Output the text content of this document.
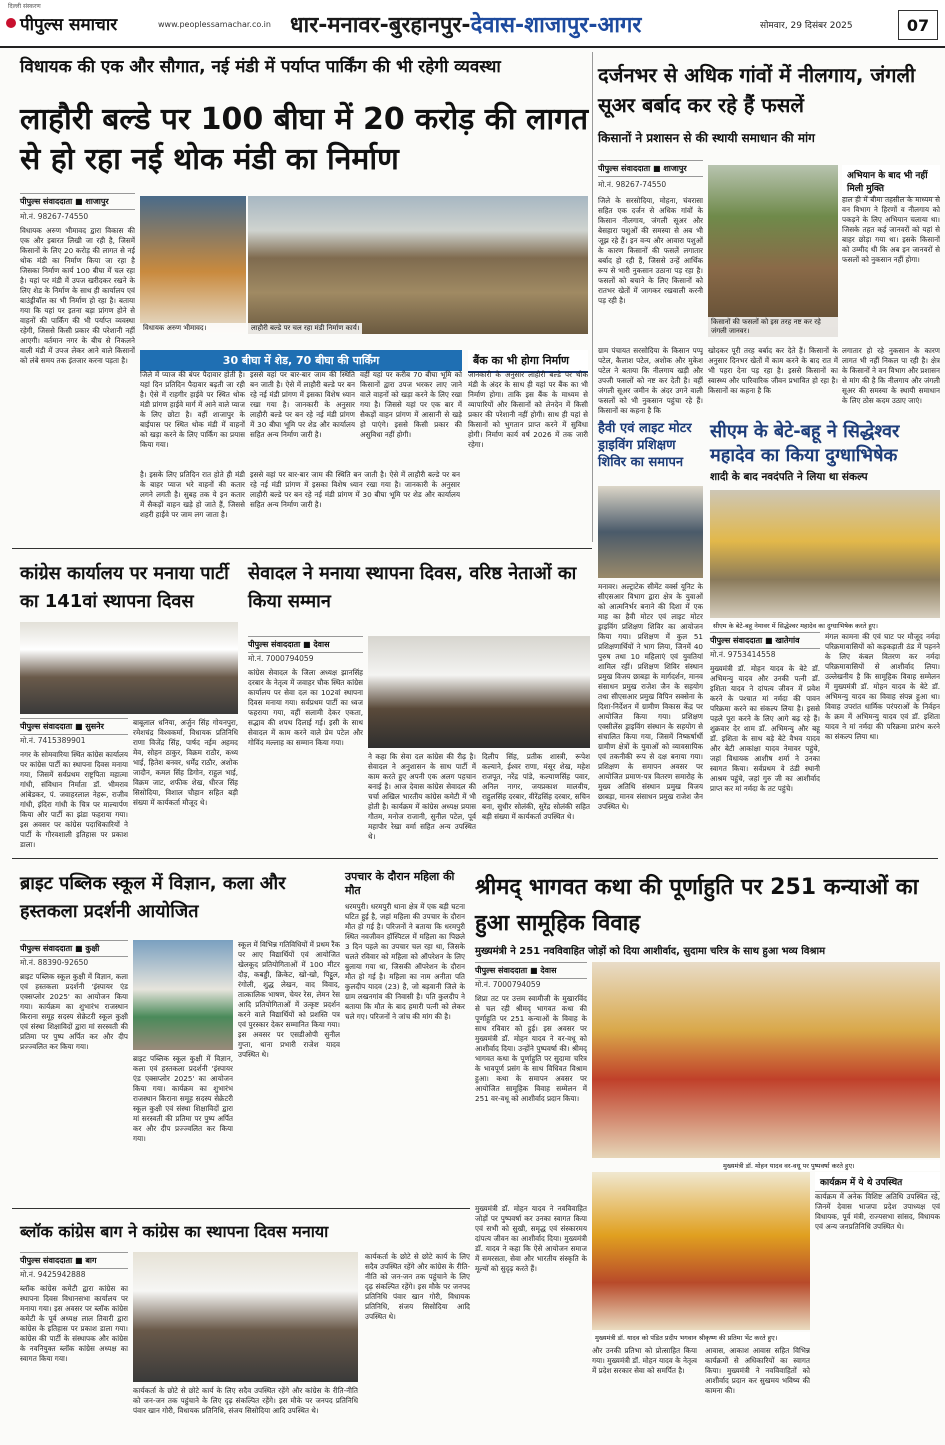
दिल्ली संस्करण
पीपुल्स समाचार	www.peoplessamachar.co.in धार-मनावर-बुरहानपुर- देवास-शाजापुर-आगर	सोमवार, 29 दिसंबर 2025	07
विधायक की एक और सौगात, नई मंडी में पर्याप्त पार्किंग की भी रहेगी व्यवस्था
लाहौरी बल्डे पर 100 बीघा में 20 करोड़ की लागत से हो रहा नई थोक मंडी का निर्माण
पीपुल्स संवाददाता ■ शाजापुर
मो.नं. 98267-74550
विधायक अरुण भीमावद द्वारा विकास की एक और इबारत लिखी जा रही है, जिसमें किसानों के लिए 20 करोड़ की लागत से नई थोक मंडी का निर्माण किया जा रहा है जिसका निर्माण कार्य 100 बीघा में चल रहा है। यहां पर मंडी में उपज खरीदकर रखने के लिए शेड के निर्माण के साथ ही कार्यालय एवं बाउंड्रीवॉल का भी निर्माण हो रहा है। बताया गया कि यहां पर इतना बड़ा प्रांगण होने से वाहनों की पार्किंग की भी पर्याप्त व्यवस्था रहेगी, जिससे किसी प्रकार की परेशानी नहीं आएगी। वर्तमान नगर के बीच से निकलने वाली मंडी में उपज लेकर आने वाले किसानों को लंबे समय तक इंतजार करना पड़ता है।
विधायक अरुण भीमावद।	लाहौरी बल्डे पर चल रहा मंडी निर्माण कार्य।
30 बीघा में शेड, 70 बीघा की पार्किंग
जिले में प्याज की बंपर पैदावार होती है। यहां दिन प्रतिदिन पैदावार बढ़ती जा रही है। ऐसे में राहगीर हाईवे पर स्थित थोक मंडी प्रांगण हाईवे मार्ग में आने वाले प्याज के लिए छोटा है। वहीं शाजापुर के बाईपास पर स्थित थोक मंडी में वाहनों को खड़ा करने के लिए पार्किंग का प्रयास किया गया।
इससे वहां पर बार-बार जाम की स्थिति बन जाती है। ऐसे में लाहौरी बल्डे पर बन रहे नई मंडी प्रांगण में इसका विशेष ध्यान रखा गया है। जानकारी के अनुसार लाहौरी बल्डे पर बन रहे नई मंडी प्रांगण में 30 बीघा भूमि पर शेड और कार्यालय सहित अन्य निर्माण जारी है।
वहीं यहां पर करीब 70 बीघा भूमि को किसानों द्वारा उपज भरकर लाए जाने वाले वाहनों को खड़ा करने के लिए रखा गया है। जिससे यहां पर एक बार में सैकड़ों वाहन प्रांगण में आसानी से खड़े हो पाएंगे। इससे किसी प्रकार की असुविधा नहीं होगी।
है। इसके लिए प्रतिदिन रात होते ही मंडी के बाहर प्याज भरे वाहनों की कतार लगने लगती है। सुबह तक ये इन कतार में सैकड़ों वाहन खड़े हो जाते हैं, जिससे शहरी हाईवे पर जाम लग जाता है।
इससे वहां पर बार-बार जाम की स्थिति बन जाती है। ऐसे में लाहौरी बल्डे पर बन रहे नई मंडी प्रांगण में इसका विशेष ध्यान रखा गया है। जानकारी के अनुसार लाहौरी बल्डे पर बन रहे नई मंडी प्रांगण में 30 बीघा भूमि पर शेड और कार्यालय सहित अन्य निर्माण जारी है।
बैंक का भी होगा निर्माण
जानकारी के अनुसार लाहौरी बल्डे पर थोक मंडी के अंदर के साथ ही यहां पर बैंक का भी निर्माण होगा। ताकि इस बैंक के माध्यम से व्यापारियों और किसानों को लेनदेन में किसी प्रकार की परेशानी नहीं होगी। साथ ही यहां से किसानों को भुगतान प्राप्त करने में सुविधा होगी। निर्माण कार्य वर्ष 2026 में तक जारी रहेगा।
दर्जनभर से अधिक गांवों में नीलगाय, जंगली सूअर बर्बाद कर रहे हैं फसलें
किसानों ने प्रशासन से की स्थायी समाधान की मांग
पीपुल्स संवाददाता ■ शाजापुर
मो.नं. 98267-74550
जिले के सरसोदिया, मोहना, चंवरासा सहित एक दर्जन से अधिक गांवों के किसान नीलगाय, जंगली सूअर और बेसहारा पशुओं की समस्या से अब भी जूझ रहे हैं। इन वन्य और आवारा पशुओं के कारण किसानों की फसलें लगातार बर्बाद हो रही हैं, जिससे उन्हें आर्थिक रूप से भारी नुकसान उठाना पड़ रहा है। फसलों को बचाने के लिए किसानों को रातभर खेतों में जागकर रखवाली करनी पड़ रही है।
किसानों की फसलों को इस तरह नष्ट कर रहे जंगली जानवर।
अभियान के बाद भी नहीं मिली मुक्ति
हाल ही में बीमा तहसील के माध्यम से वन विभाग ने हिरणों व नीलगाय को पकड़ने के लिए अभियान चलाया था। जिसके तहत कई जानवरों को यहां से बाहर छोड़ा गया था। इसके किसानों को उम्मीद थी कि अब इन जानवरों से फसलों को नुकसान नहीं होगा।
ग्राम पंचायत सरसोदिया के किसान पप्पू पटेल, कैलाश पटेल, अशोक और मुकेश पटेल ने बताया कि नीलगाय खड़ी और उपजी फसलों को नष्ट कर देती है। वहीं जंगली सूअर जमीन के अंदर उगने वाली फसलों को भी नुकसान पहुंचा रहे हैं। किसानों का कहना है कि
खोदकर पूरी तरह बर्बाद कर देते हैं। किसानों के अनुसार दिनभर खेतों में काम करने के बाद रात में भी पहरा देना पड़ रहा है। इससे किसानों का स्वास्थ्य और पारिवारिक जीवन प्रभावित हो रहा है। किसानों का कहना है कि
लगातार हो रहे नुकसान के कारण लागत भी नहीं निकल पा रही है। क्षेत्र के किसानों ने वन विभाग और प्रशासन से मांग की है कि नीलगाय और जंगली सूअर की समस्या के स्थायी समाधान के लिए ठोस कदम उठाए जाएं।
हैवी एवं लाइट मोटर ड्राइविंग प्रशिक्षण शिविर का समापन
मनावर। अल्ट्राटेक सीमेंट वर्क्स यूनिट के सीएसआर विभाग द्वारा क्षेत्र के युवाओं को आत्मनिर्भर बनाने की दिशा में एक माह का हैवी मोटर एवं लाइट मोटर ड्राइविंग प्रशिक्षण शिविर का आयोजन किया गया। प्रशिक्षण में कुल 51 प्रशिक्षणार्थियों ने भाग लिया, जिनमें 40 पुरुष तथा 10 महिलाएं एवं युवतियां शामिल रहीं। प्रशिक्षण शिविर संस्थान प्रमुख विजय छाबड़ा के मार्गदर्शन, मानव संसाधन प्रमुख राजेश जैन के सहयोग तथा सीएसआर प्रमुख विपिन सक्सेना के दिशा-निर्देशन में ग्रामीण विकास केंद्र पर आयोजित किया गया। प्रशिक्षण एक्सीलेंस ड्राइविंग संस्थान के सहयोग से संचालित किया गया, जिसमें निष्कर्षार्थी ग्रामीण क्षेत्रों के युवाओं को व्यावसायिक एवं तकनीकी रूप से दक्ष बनाया गया। प्रशिक्षण के समापन अवसर पर आयोजित प्रमाण-पत्र वितरण समारोह के मुख्य अतिथि संस्थान प्रमुख विजय छाबड़ा, मानव संसाधन प्रमुख राजेश जैन उपस्थित थे।
सीएम के बेटे-बहू ने सिद्धेश्वर महादेव का किया दुग्धाभिषेक
शादी के बाद नवदंपति ने लिया था संकल्प
सीएम के बेटे-बहू नेमावर में सिद्धेश्वर महादेव का दुग्धाभिषेक करते हुए।
पीपुल्स संवाददाता ■ खातेगांव
मो.नं. 9753414558
मुख्यमंत्री डॉ. मोहन यादव के बेटे डॉ. अभिमन्यु यादव और उनकी पत्नी डॉ. इशिता यादव ने दांपत्य जीवन में प्रवेश करने के पश्चात मां नर्मदा की पावन परिक्रमा करने का संकल्प लिया है। इससे पहले पूरा करने के लिए आगे बढ़ रहे हैं। शुक्रवार देर शाम डॉ. अभिमन्यु और बहू डॉ. इशिता के साथ बड़े बेटे वैभव यादव और बेटी आकांक्षा यादव नेमावर पहुंचे, जहां विधायक आशीष शर्मा ने उनका स्वागत किया। सर्वप्रथम वे ठंडी स्थानी आश्रम पहुंचे, जहां गुरु जी का आशीर्वाद प्राप्त कर मां नर्मदा के तट पहुंचे।
मंगल कामना की एवं घाट पर मौजूद नर्मदा परिक्रमावासियों को कड़कड़ाती ठंड में पहनने के लिए कंबल वितरण कर नर्मदा परिक्रमावासियों से आशीर्वाद लिया। उल्लेखनीय है कि सामूहिक विवाह सम्मेलन में मुख्यमंत्री डॉ. मोहन यादव के बेटे डॉ. अभिमन्यु यादव का विवाह संपन्न हुआ था। विवाह उपरांत धार्मिक परंपराओं के निर्वहन के क्रम में अभिमन्यु यादव एवं डॉ. इशिता यादव ने मां नर्मदा की परिक्रमा प्रारंभ करने का संकल्प लिया था।
कांग्रेस कार्यालय पर मनाया पार्टी का 141वां स्थापना दिवस
पीपुल्स संवाददाता ■ सुसनेर
मो.नं. 7415389901
नगर के सोमवारिया स्थित कांग्रेस कार्यालय पर कांग्रेस पार्टी का स्थापना दिवस मनाया गया, जिसमें सर्वप्रथम राष्ट्रपिता महात्मा गांधी, संविधान निर्माता डॉ. भीमराव आंबेडकर, पं. जवाहरलाल नेहरू, राजीव गांधी, इंदिरा गांधी के चित्र पर माल्यार्पण किया और पार्टी का झंडा फहराया गया। इस अवसर पर कांग्रेस पदाधिकारियों ने पार्टी के गौरवशाली इतिहास पर प्रकाश डाला।
बाबूलाल धनिया, अर्जुन सिंह गोयनपुरा, रमेशचंद्र विश्वकर्मा, विधायक प्रतिनिधि राणा विजेंद्र सिंह, पार्षद नईम अहमद मेव, सोहन ठाकुर, विक्रम राठौर, कथ्य भाई, हितेश बनवर, धर्मेंद्र राठौर, अशोक जादौन, कमल सिंह डिगोन, राहुल भाई, विक्रम जाट, शफीक शेख, धीरज सिंह सिसोदिया, विशाल चौहान सहित बड़ी संख्या में कार्यकर्ता मौजूद थे।
सेवादल ने मनाया स्थापना दिवस, वरिष्ठ नेताओं का किया सम्मान
पीपुल्स संवाददाता ■ देवास
मो.नं. 7000794059
कांग्रेस सेवादल के जिला अध्यक्ष झानसिंह दरबार के नेतृत्व में जवाहर चौक स्थित कांग्रेस कार्यालय पर सेवा दल का 102वां स्थापना दिवस मनाया गया। सर्वप्रथम पार्टी का ध्वज फहराया गया, वहीं सलामी देकर एकता, सद्भाव की शपथ दिलाई गई। इसी के साथ सेवादल में काम करने वाले प्रेम पटेल और गोविंद मल्लाह का सम्मान किया गया।
ने कहा कि सेवा दल कांग्रेस की रीढ़ है। सेवादल ने अनुशासन के साथ पार्टी में काम करते हुए अपनी एक अलग पहचान बनाई है। आज देवास कांग्रेस सेवादल की चर्चा अखिल भारतीय कांग्रेस कमेटी में भी होती है। कार्यक्रम में कांग्रेस अध्यक्ष प्रयास गौतम, मनोज राजानी, सुनील पटेल, पूर्व महापौर रेखा वर्मा सहित अन्य उपस्थित थे।
दिलीप सिंह, प्रतीक शास्त्री, रूपेश कल्याने, ईश्वर राणा, मंसूर शेख, महेश राजपूत, नरेंद्र पांडे, कल्याणसिंह पवार, अनिल नागर, जयप्रकाश मालवीय, राहुलसिंह दरबार, वीरेंद्रसिंह दरबार, सचिन बना, सुधीर सोलंकी, सुरेंद्र सोलंकी सहित बड़ी संख्या में कार्यकर्ता उपस्थित थे।
ब्राइट पब्लिक स्कूल में विज्ञान, कला और हस्तकला प्रदर्शनी आयोजित
पीपुल्स संवाददाता ■ कुक्षी
मो.नं. 88390-92650
ब्राइट पब्लिक स्कूल कुक्षी में विज्ञान, कला एवं हस्तकला प्रदर्शनी 'इंस्पायर एंड एक्सप्लोर 2025' का आयोजन किया गया। कार्यक्रम का शुभारंभ राजस्थान किराना समूह सदस्य सेक्रेटरी स्कूल कुक्षी एवं संस्था शिक्षाविदों द्वारा मां सरस्वती की प्रतिमा पर पुष्प अर्पित कर और दीप प्रज्ज्वलित कर किया गया।
ब्राइट पब्लिक स्कूल कुक्षी में विज्ञान, कला एवं हस्तकला प्रदर्शनी 'इंस्पायर एंड एक्सप्लोर 2025' का आयोजन किया गया। कार्यक्रम का शुभारंभ राजस्थान किराना समूह सदस्य सेक्रेटरी स्कूल कुक्षी एवं संस्था शिक्षाविदों द्वारा मां सरस्वती की प्रतिमा पर पुष्प अर्पित कर और दीप प्रज्ज्वलित कर किया गया।
स्कूल में विभिन्न गतिविधियों में प्रथम रैंक पर आए विद्यार्थियों एवं आयोजित खेलकूद प्रतियोगिताओं में 100 मीटर दौड़, कबड्डी, क्रिकेट, खो-खो, पिट्ठूल, रंगोली, शुद्ध लेखन, वाद विवाद, तात्कालिक भाषण, चेयर रेस, लेमन रेस आदि प्रतियोगिताओं में उत्कृष्ट प्रदर्शन करने वाले विद्यार्थियों को प्रशस्ति पत्र एवं पुरस्कार देकर सम्मानित किया गया। इस अवसर पर एसडीओपी सुनील गुप्ता, थाना प्रभारी राजेश यादव उपस्थित थे।
उपचार के दौरान महिला की मौत
धरमपुरी। धरमपुरी थाना क्षेत्र में एक बड़ी घटना घटित हुई है, जहां महिला की उपचार के दौरान मौत हो गई है। परिजनों ने बताया कि धरमपुरी स्थित नवजीवन हॉस्पिटल में महिला का पिछले 3 दिन पहले का उपचार चल रहा था, जिसके चलते रविवार को महिला को ऑपरेशन के लिए बुलाया गया था, जिसकी ऑपरेशन के दौरान मौत हो गई है। महिला का नाम अनीता पति कुलदीप यादव (23) है, जो बड़वानी जिले के ग्राम लखनगांव की निवासी है। पति कुलदीप ने बताया कि मौत के बाद हमारी पत्नी को लेकर चले गए। परिजनों ने जांच की मांग की है।
श्रीमद् भागवत कथा की पूर्णाहुति पर 251 कन्याओं का हुआ सामूहिक विवाह
मुख्यमंत्री ने 251 नवविवाहित जोड़ों को दिया आशीर्वाद, सुदामा चरित्र के साथ हुआ भव्य विश्राम
पीपुल्स संवाददाता ■ देवास
मो.नं. 7000794059
शिप्रा तट पर उत्तम स्वामीजी के मुखारविंद से चल रही श्रीमद् भागवत कथा की पूर्णाहुति पर 251 कन्याओं के विवाह के साथ रविवार को हुई। इस अवसर पर मुख्यमंत्री डॉ. मोहन यादव ने वर-वधू को आशीर्वाद दिया। उन्होंने पुष्पवर्षा की। श्रीमद् भागवत कथा के पूर्णाहुति पर सुदामा चरित्र के भावपूर्ण प्रसंग के साथ विधिवत विश्राम हुआ। कथा के समापन अवसर पर आयोजित सामूहिक विवाह सम्मेलन में 251 वर-वधू को आशीर्वाद प्रदान किया।
मुख्यमंत्री डॉ. मोहन यादव वर-वधू पर पुष्पवर्षा करते हुए।
मुख्यमंत्री डॉ. मोहन यादव ने नवविवाहित जोड़ों पर पुष्पवर्षा कर उनका स्वागत किया एवं सभी को सुखी, समृद्ध एवं संस्कारमय दांपत्य जीवन का आशीर्वाद दिया। मुख्यमंत्री डॉ. यादव ने कहा कि ऐसे आयोजन समाज में समरसता, सेवा और भारतीय संस्कृति के मूल्यों को सुदृढ़ करते हैं।
मुख्यमंत्री डॉ. यादव को पंडित प्रदीप भगवान श्रीकृष्ण की प्रतिमा भेंट करते हुए।
और उनकी प्रतिभा को प्रोत्साहित किया गया। मुख्यमंत्री डॉ. मोहन यादव के नेतृत्व में प्रदेश सरकार सेवा को समर्पित है।
आवास, आकाश आवास सहित विभिन्न कार्यक्रमों से अधिकारियों का स्वागत किया। मुख्यमंत्री ने नवविवाहितों को आशीर्वाद प्रदान कर सुखमय भविष्य की कामना की।
कार्यक्रम में ये थे उपस्थित
कार्यक्रम में अनेक विशिष्ट अतिथि उपस्थित रहे, जिनमें देवास भाजपा प्रदेश उपाध्यक्ष एवं विधायक, पूर्व मंत्री, राज्यसभा सांसद, विधायक एवं अन्य जनप्रतिनिधि उपस्थित थे।
ब्लॉक कांग्रेस बाग ने कांग्रेस का स्थापना दिवस मनाया
पीपुल्स संवाददाता ■ बाग
मो.नं. 9425942888
ब्लॉक कांग्रेस कमेटी द्वारा कांग्रेस का स्थापना दिवस विधानसभा कार्यालय पर मनाया गया। इस अवसर पर ब्लॉक कांग्रेस कमेटी के पूर्व अध्यक्ष लाल तिवारी द्वारा कांग्रेस के इतिहास पर प्रकाश डाला गया। कांग्रेस की पार्टी के संस्थापक और कांग्रेस के नवनियुक्त ब्लॉक कांग्रेस अध्यक्ष का स्वागत किया गया।
कार्यकर्ता के छोटे से छोटे कार्य के लिए सदैव उपस्थित रहेंगे और कांग्रेस के रीति-नीति को जन-जन तक पहुंचाने के लिए दृढ़ संकल्पित रहेंगे। इस मौके पर जनपद प्रतिनिधि पंवार खान गोरी, विधायक प्रतिनिधि, संजय सिसोदिया आदि उपस्थित थे।
कार्यकर्ता के छोटे से छोटे कार्य के लिए सदैव उपस्थित रहेंगे और कांग्रेस के रीति-नीति को जन-जन तक पहुंचाने के लिए दृढ़ संकल्पित रहेंगे। इस मौके पर जनपद प्रतिनिधि पंवार खान गोरी, विधायक प्रतिनिधि, संजय सिसोदिया आदि उपस्थित थे।
